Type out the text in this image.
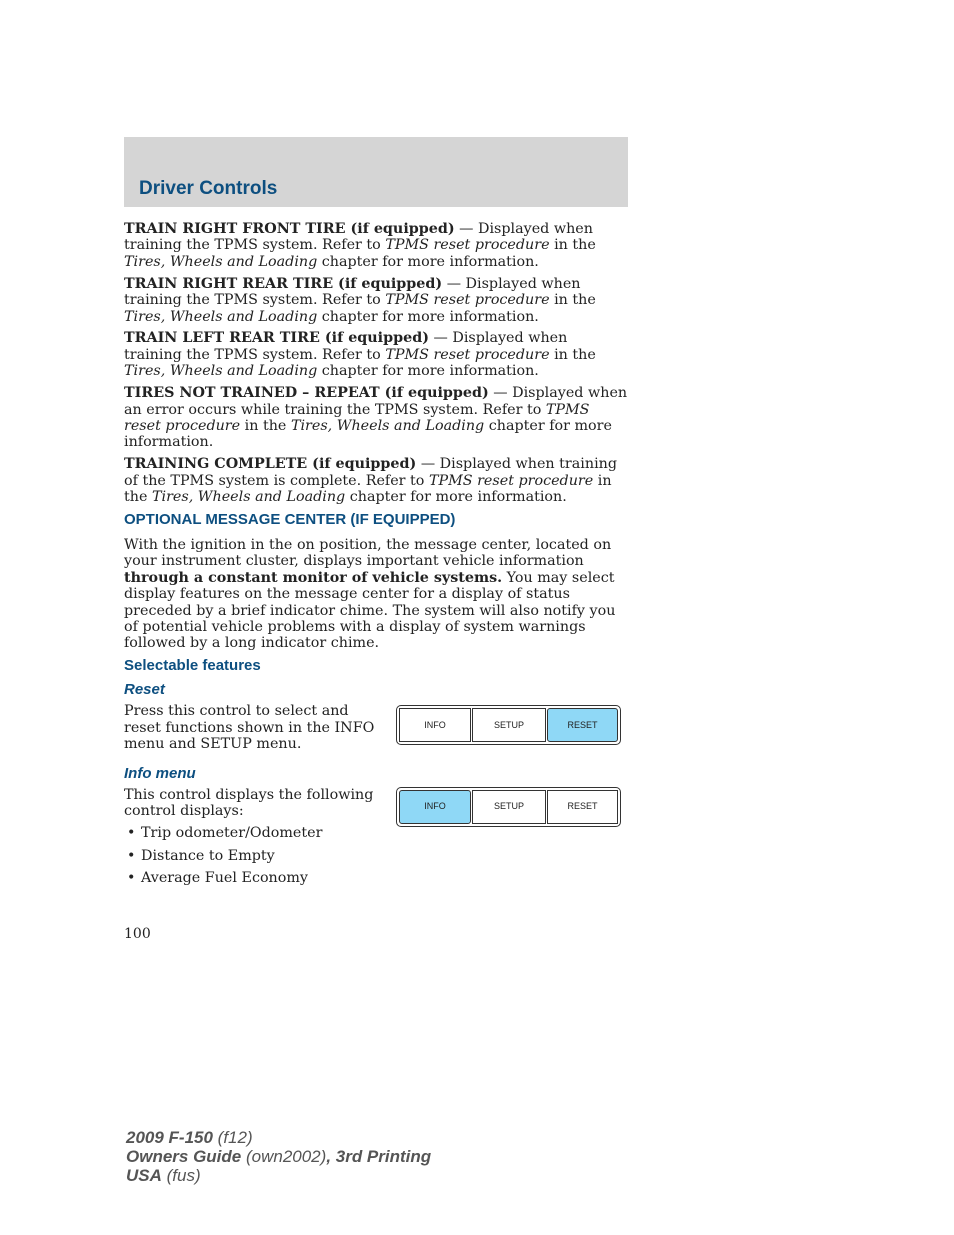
Driver Controls

TRAIN RIGHT FRONT TIRE (if equipped) — Displayed when training the TPMS system. Refer to TPMS reset procedure in the Tires, Wheels and Loading chapter for more information.

TRAIN RIGHT REAR TIRE (if equipped) — Displayed when training the TPMS system. Refer to TPMS reset procedure in the Tires, Wheels and Loading chapter for more information.

TRAIN LEFT REAR TIRE (if equipped) — Displayed when training the TPMS system. Refer to TPMS reset procedure in the Tires, Wheels and Loading chapter for more information.

TIRES NOT TRAINED – REPEAT (if equipped) — Displayed when an error occurs while training the TPMS system. Refer to TPMS reset procedure in the Tires, Wheels and Loading chapter for more information.

TRAINING COMPLETE (if equipped) — Displayed when training of the TPMS system is complete. Refer to TPMS reset procedure in the Tires, Wheels and Loading chapter for more information.

OPTIONAL MESSAGE CENTER (IF EQUIPPED)

With the ignition in the on position, the message center, located on your instrument cluster, displays important vehicle information through a constant monitor of vehicle systems. You may select display features on the message center for a display of status preceded by a brief indicator chime. The system will also notify you of potential vehicle problems with a display of system warnings followed by a long indicator chime.

Selectable features
Reset

Press this control to select and reset functions shown in the INFO menu and SETUP menu.

INFO	SETUP	RESET
Info menu

This control displays the following control displays:	INFO	SETUP	RESET
• Trip odometer/Odometer
• Distance to Empty
• Average Fuel Economy
100
2009 F-150 (f12)
Owners Guide (own2002), 3rd Printing
USA (fus)
